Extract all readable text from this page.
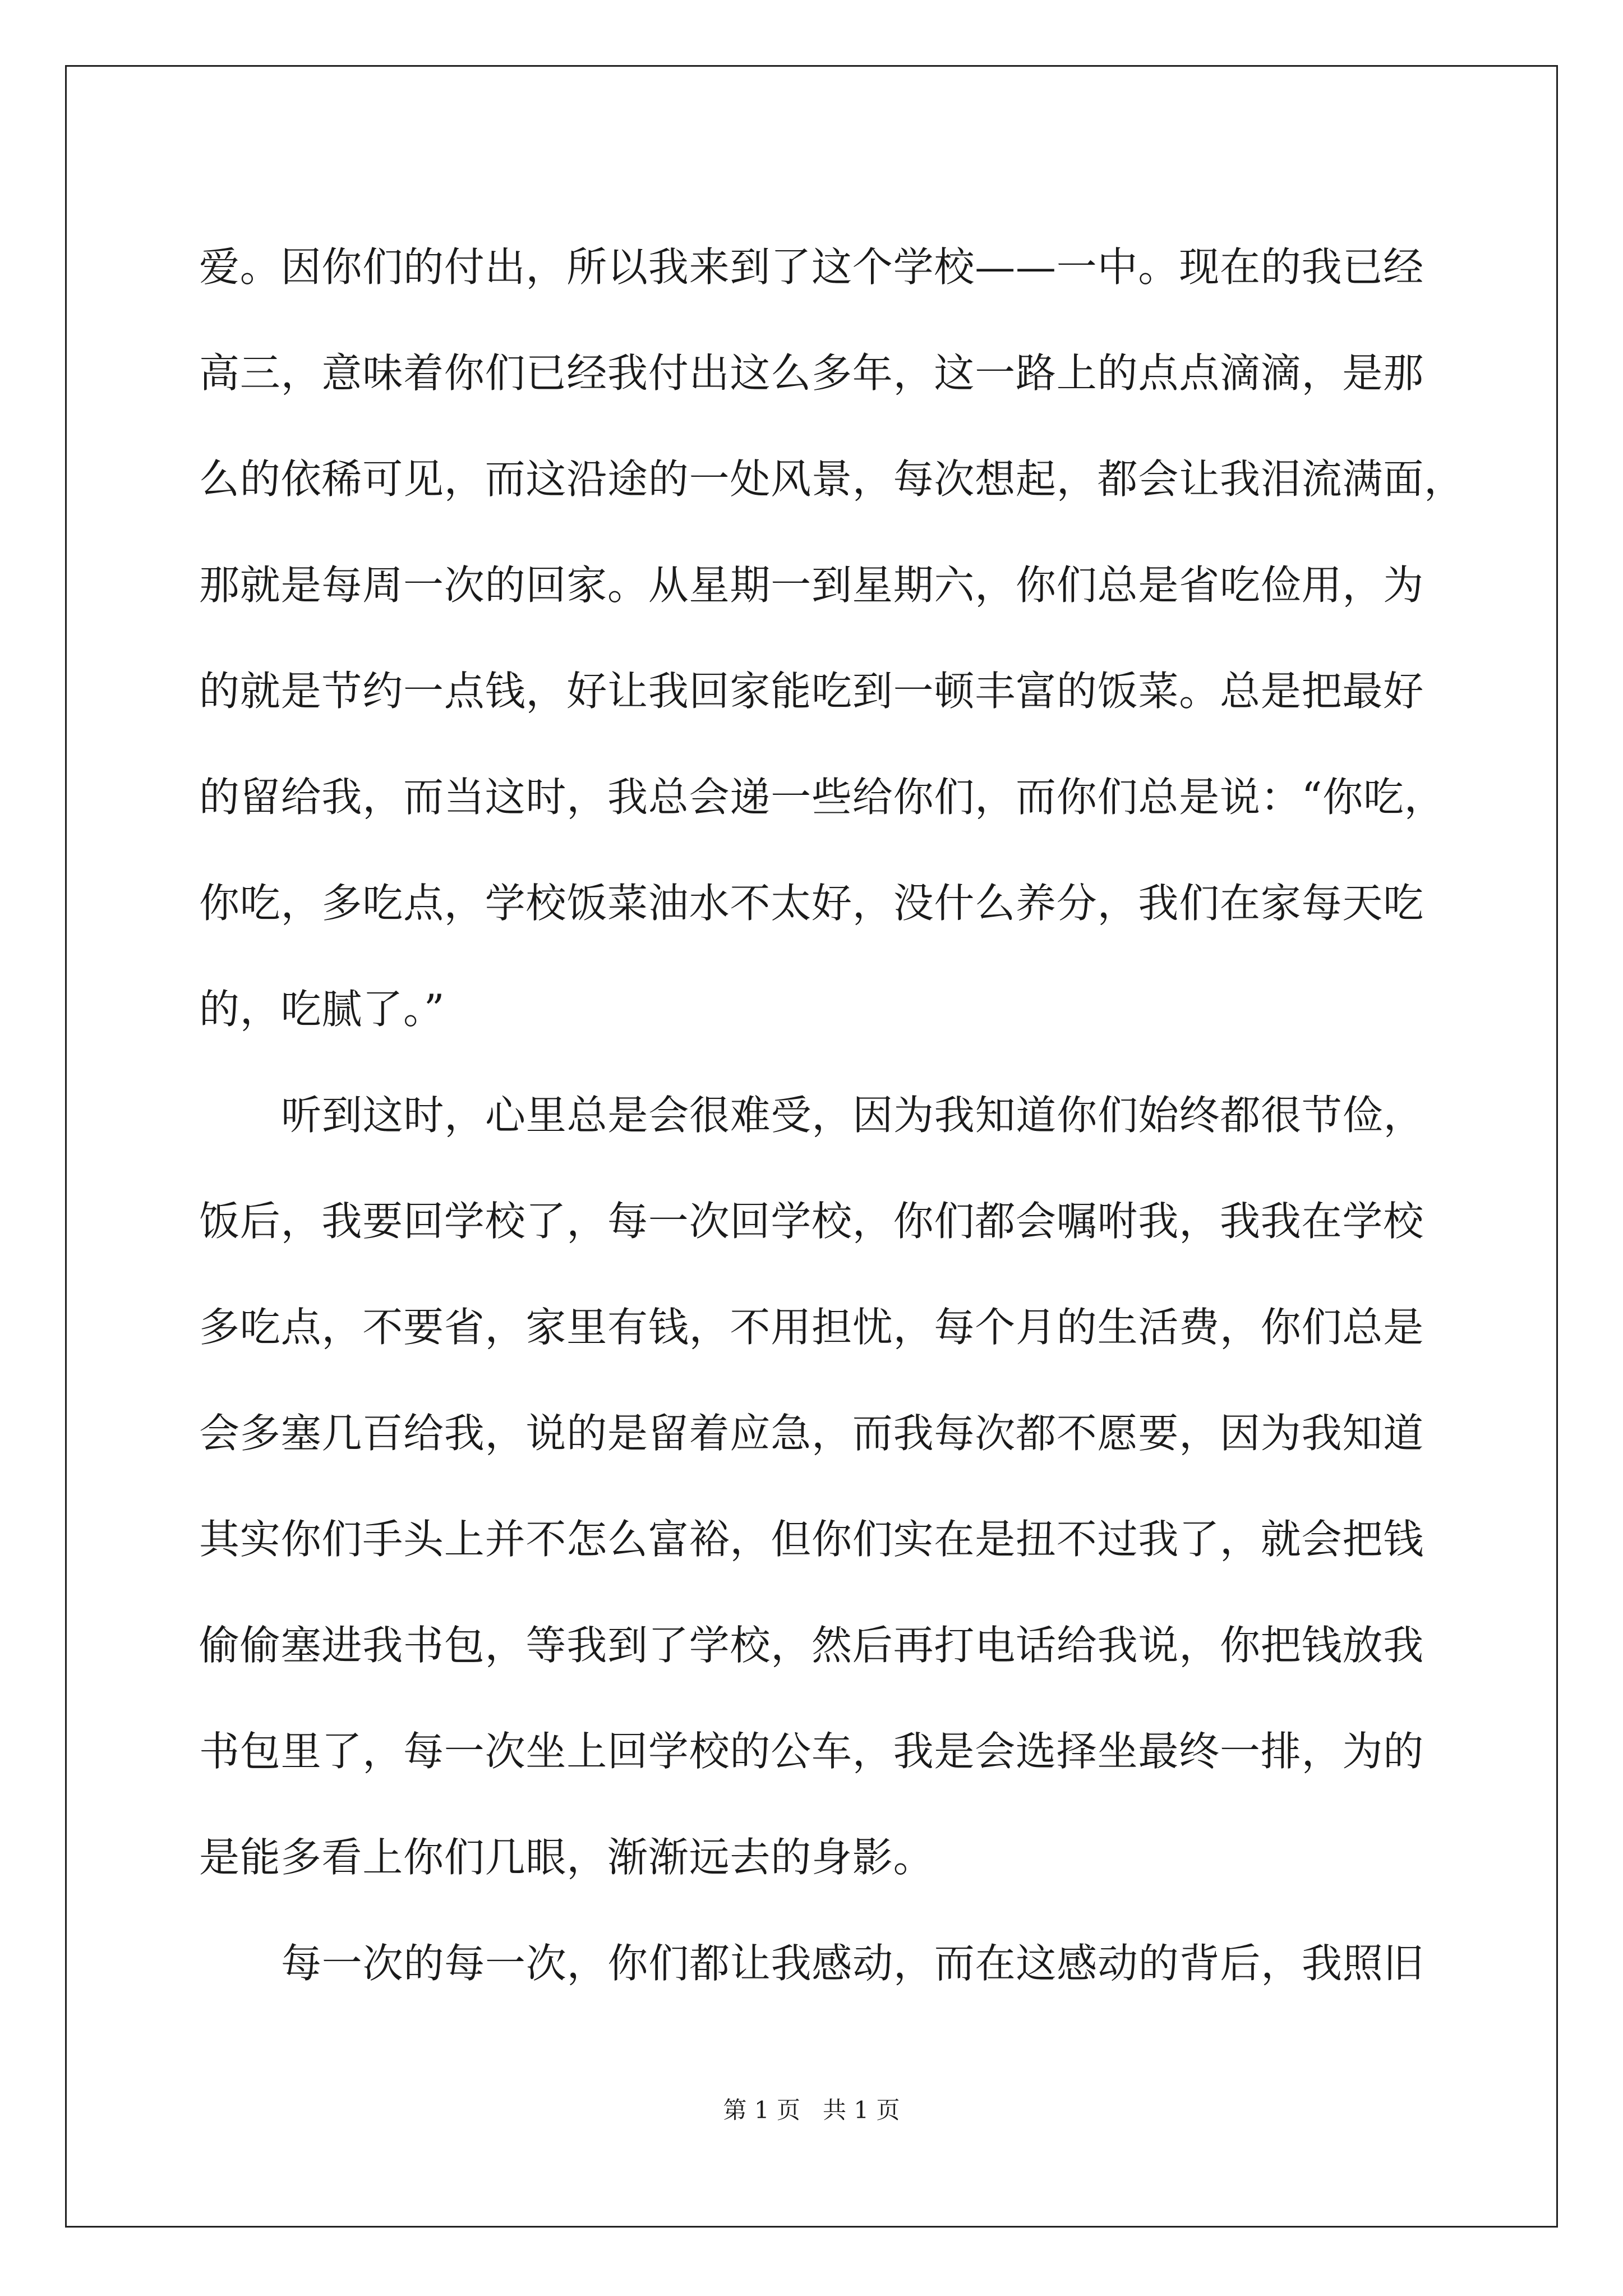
爱。因你们的付出，所以我来到了这个学校——一中。现在的我已经
高三，意味着你们已经我付出这么多年，这一路上的点点滴滴，是那
么的依稀可见，而这沿途的一处风景，每次想起，都会让我泪流满面，
那就是每周一次的回家。从星期一到星期六，你们总是省吃俭用，为
的就是节约一点钱，好让我回家能吃到一顿丰富的饭菜。总是把最好
的留给我，而当这时，我总会递一些给你们，而你们总是说：“你吃，
你吃，多吃点，学校饭菜油水不太好，没什么养分，我们在家每天吃
的，吃腻了。”
听到这时，心里总是会很难受，因为我知道你们始终都很节俭，
饭后，我要回学校了，每一次回学校，你们都会嘱咐我，我我在学校
多吃点，不要省，家里有钱，不用担忧，每个月的生活费，你们总是
会多塞几百给我，说的是留着应急，而我每次都不愿要，因为我知道
其实你们手头上并不怎么富裕，但你们实在是扭不过我了，就会把钱
偷偷塞进我书包，等我到了学校，然后再打电话给我说，你把钱放我
书包里了，每一次坐上回学校的公车，我是会选择坐最终一排，为的
是能多看上你们几眼，渐渐远去的身影。
每一次的每一次，你们都让我感动，而在这感动的背后，我照旧
第 1 页   共 1 页
